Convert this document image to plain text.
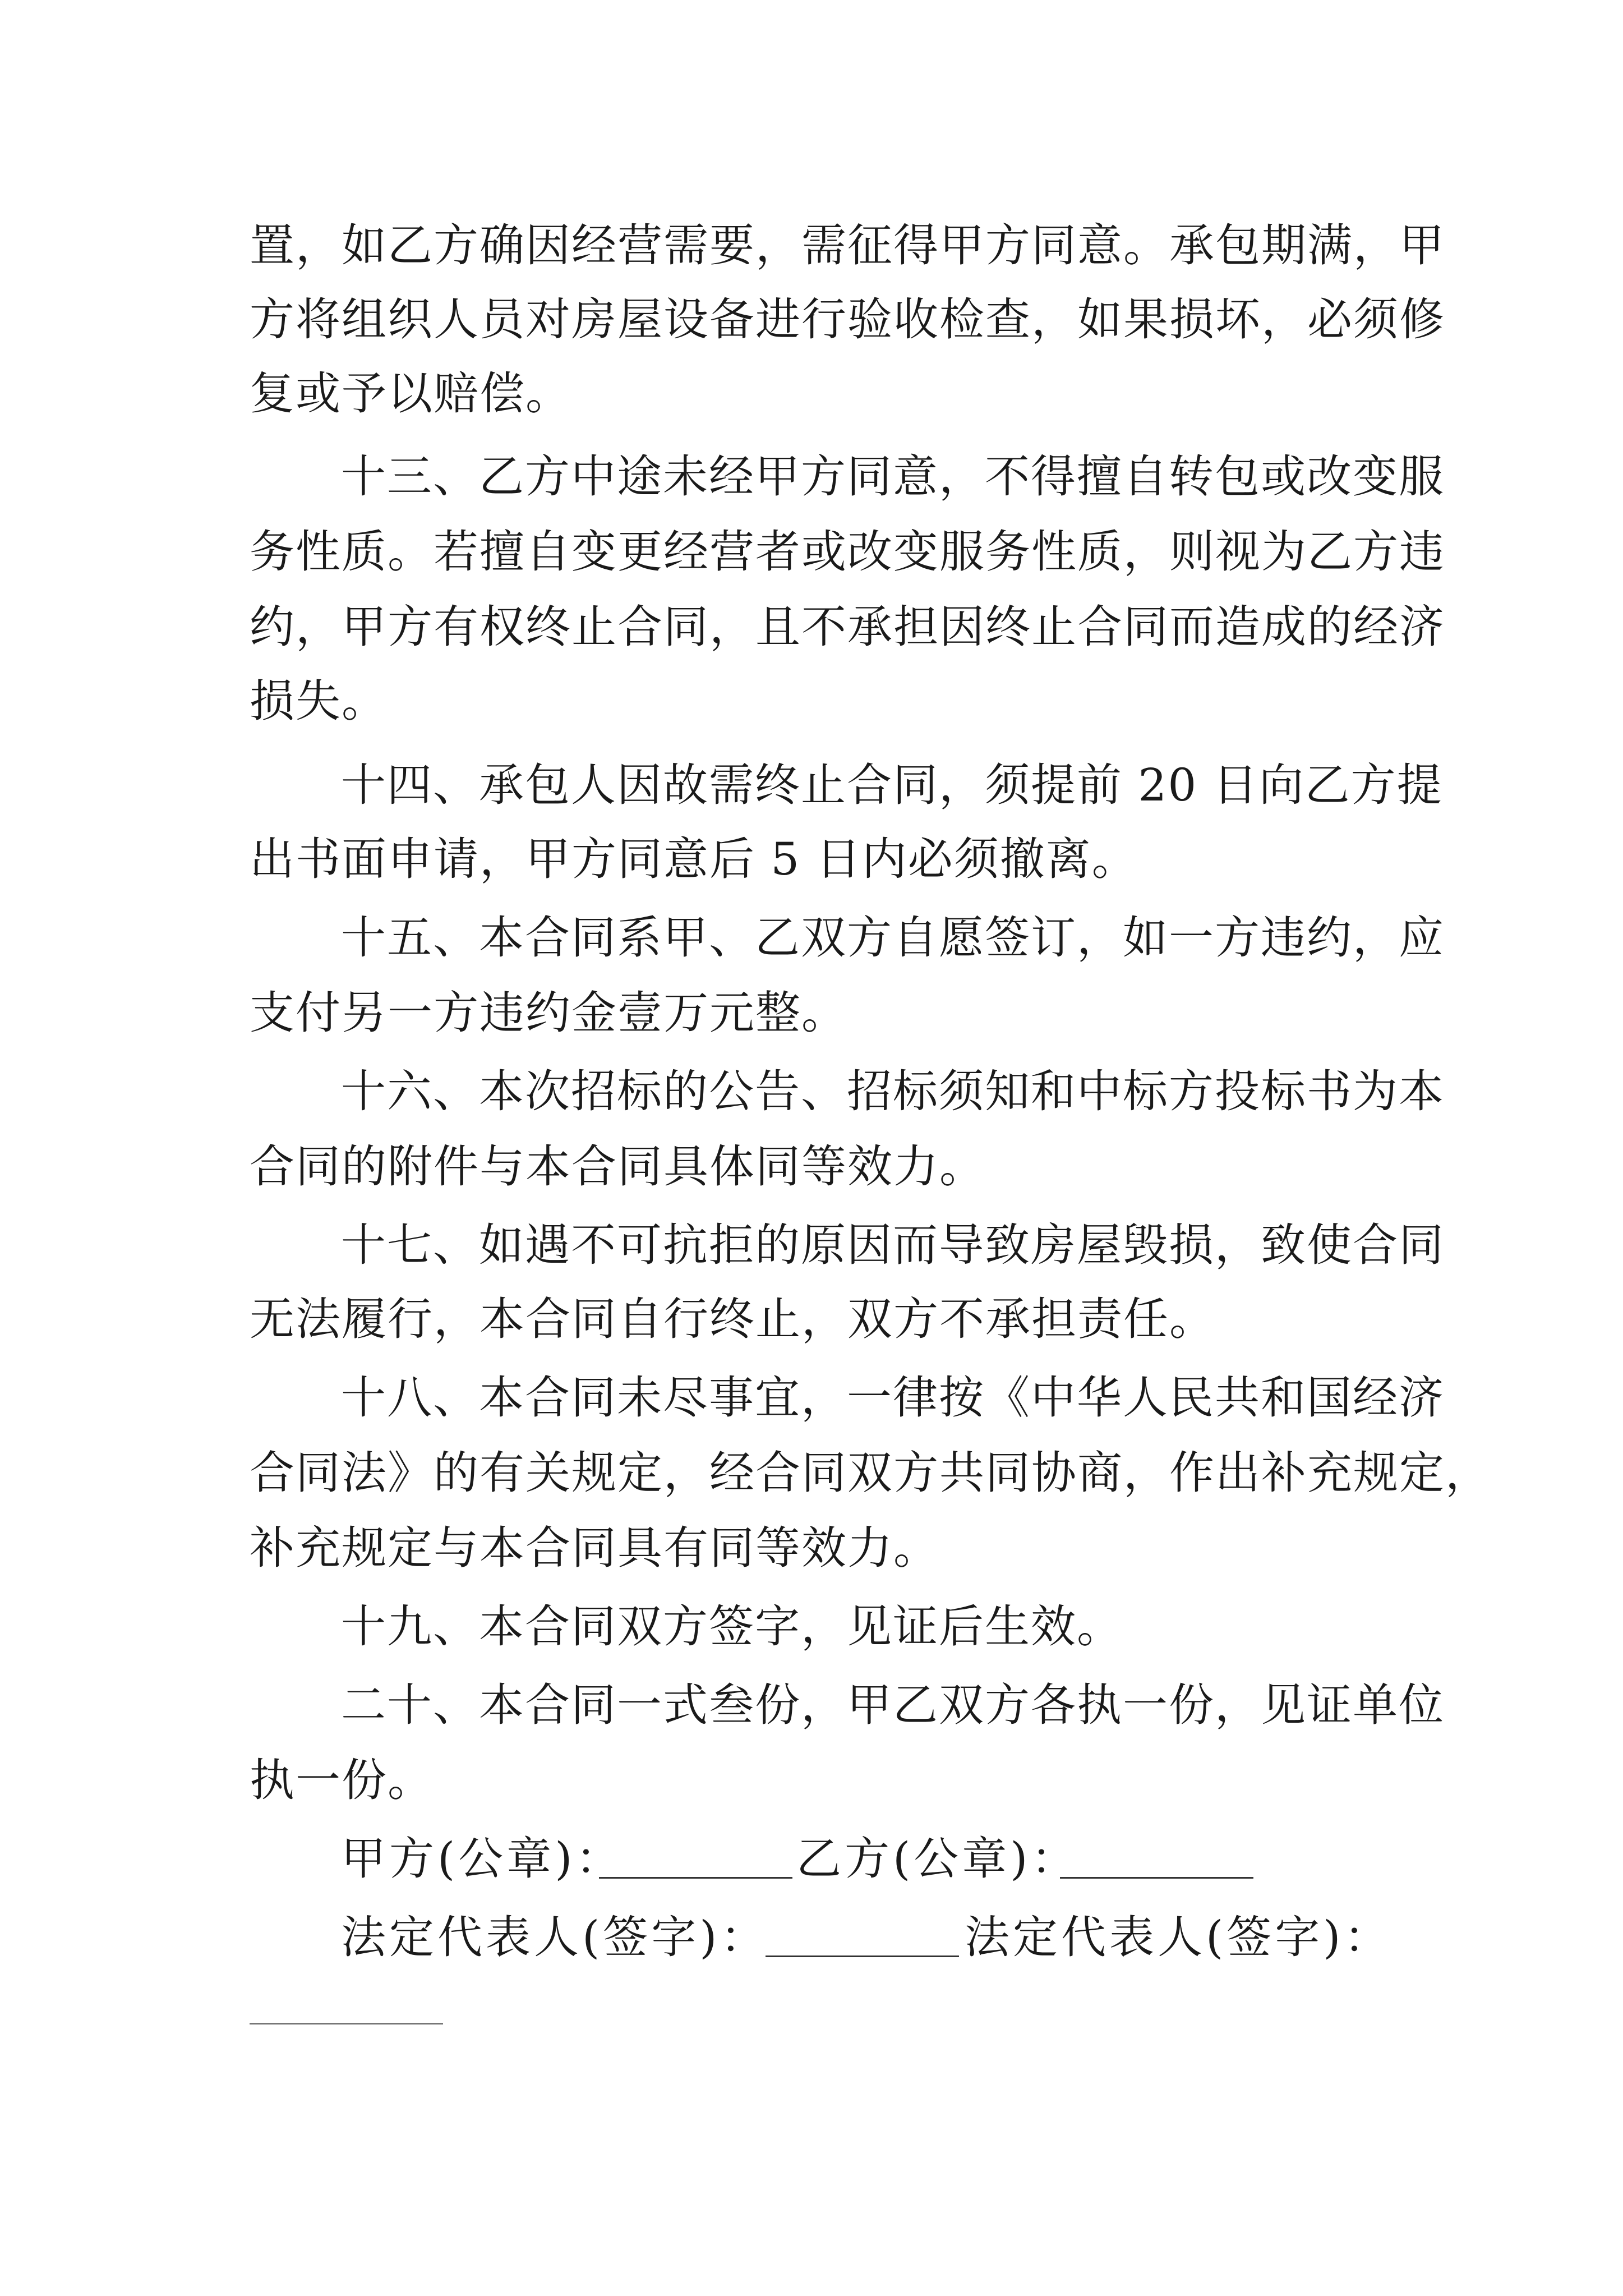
置，如乙方确因经营需要，需征得甲方同意。承包期满，甲
方将组织人员对房屋设备进行验收检查，如果损坏，必须修
复或予以赔偿。
十三、乙方中途未经甲方同意，不得擅自转包或改变服
务性质。若擅自变更经营者或改变服务性质，则视为乙方违
约，甲方有权终止合同，且不承担因终止合同而造成的经济
损失。
十四、承包人因故需终止合同，须提前 20 日向乙方提
出书面申请，甲方同意后 5 日内必须撤离。
十五、本合同系甲、乙双方自愿签订，如一方违约，应
支付另一方违约金壹万元整。
十六、本次招标的公告、招标须知和中标方投标书为本
合同的附件与本合同具体同等效力。
十七、如遇不可抗拒的原因而导致房屋毁损，致使合同
无法履行，本合同自行终止，双方不承担责任。
十八、本合同未尽事宜，一律按《中华人民共和国经济
合同法》的有关规定，经合同双方共同协商，作出补充规定，
补充规定与本合同具有同等效力。
十九、本合同双方签字，见证后生效。
二十、本合同一式叁份，甲乙双方各执一份，见证单位
执一份。
甲方(公章)：	乙方(公章)：
法定代表人(签字)：	法定代表人(签字)：
